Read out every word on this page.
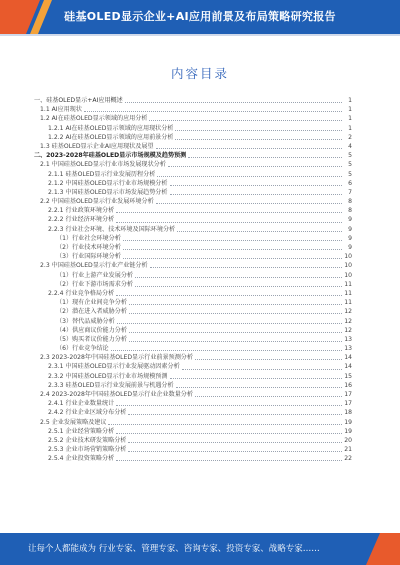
硅基OLED显示企业+AI应用前景及布局策略研究报告
内容目录
一、硅基OLED显示+AI应用概述	1
1.1 AI应用现状	1
1.2 AI在硅基OLED显示领域的应用分析	1
1.2.1 AI在硅基OLED显示领域的应用现状分析	1
1.2.2 AI在硅基OLED显示领域的应用前景分析	2
1.3 硅基OLED显示企业AI应用现状及展望	4
二、2023-2028年硅基OLED显示市场规模及趋势预测	5
2.1 中国硅基OLED显示行业市场发展现状分析	5
2.1.1 硅基OLED显示行业发展历程分析	5
2.1.2 中国硅基OLED显示行业市场规模分析	6
2.1.3 中国硅基OLED显示市场发展趋势分析	7
2.2 中国硅基OLED显示行业发展环境分析	8
2.2.1 行业政策环境分析	8
2.2.2 行业经济环境分析	9
2.2.3 行业社会环境、技术环境及国际环境分析	9
（1）行业社会环境分析	9
（2）行业技术环境分析	9
（3）行业国际环境分析	10
2.3 中国硅基OLED显示行业产业链分析	10
（1）行业上游产业发展分析	10
（2）行业下游市场需求分析	11
2.2.4 行业竞争格局分析	11
（1）现有企业间竞争分析	11
（2）潜在进入者威胁分析	12
（3）替代品威胁分析	12
（4）供应商议价能力分析	12
（5）购买者议价能力分析	13
（6）行业竞争结论	13
2.3 2023-2028年中国硅基OLED显示行业前景预测分析	14
2.3.1 中国硅基OLED显示行业发展驱动因素分析	14
2.3.2 中国硅基OLED显示行业市场规模预测	15
2.3.3 硅基OLED显示行业发展前景与机遇分析	16
2.4 2023-2028年中国硅基OLED显示行业企业数量分析	17
2.4.1 行业企业数量统计	17
2.4.2 行业企业区域分布分析	18
2.5 企业发展策略及建议	19
2.5.1 企业经营策略分析	19
2.5.2 企业技术研发策略分析	20
2.5.3 企业市场营销策略分析	21
2.5.4 企业投资策略分析	22
让每个人都能成为 行业专家、管理专家、咨询专家、投资专家、战略专家……
